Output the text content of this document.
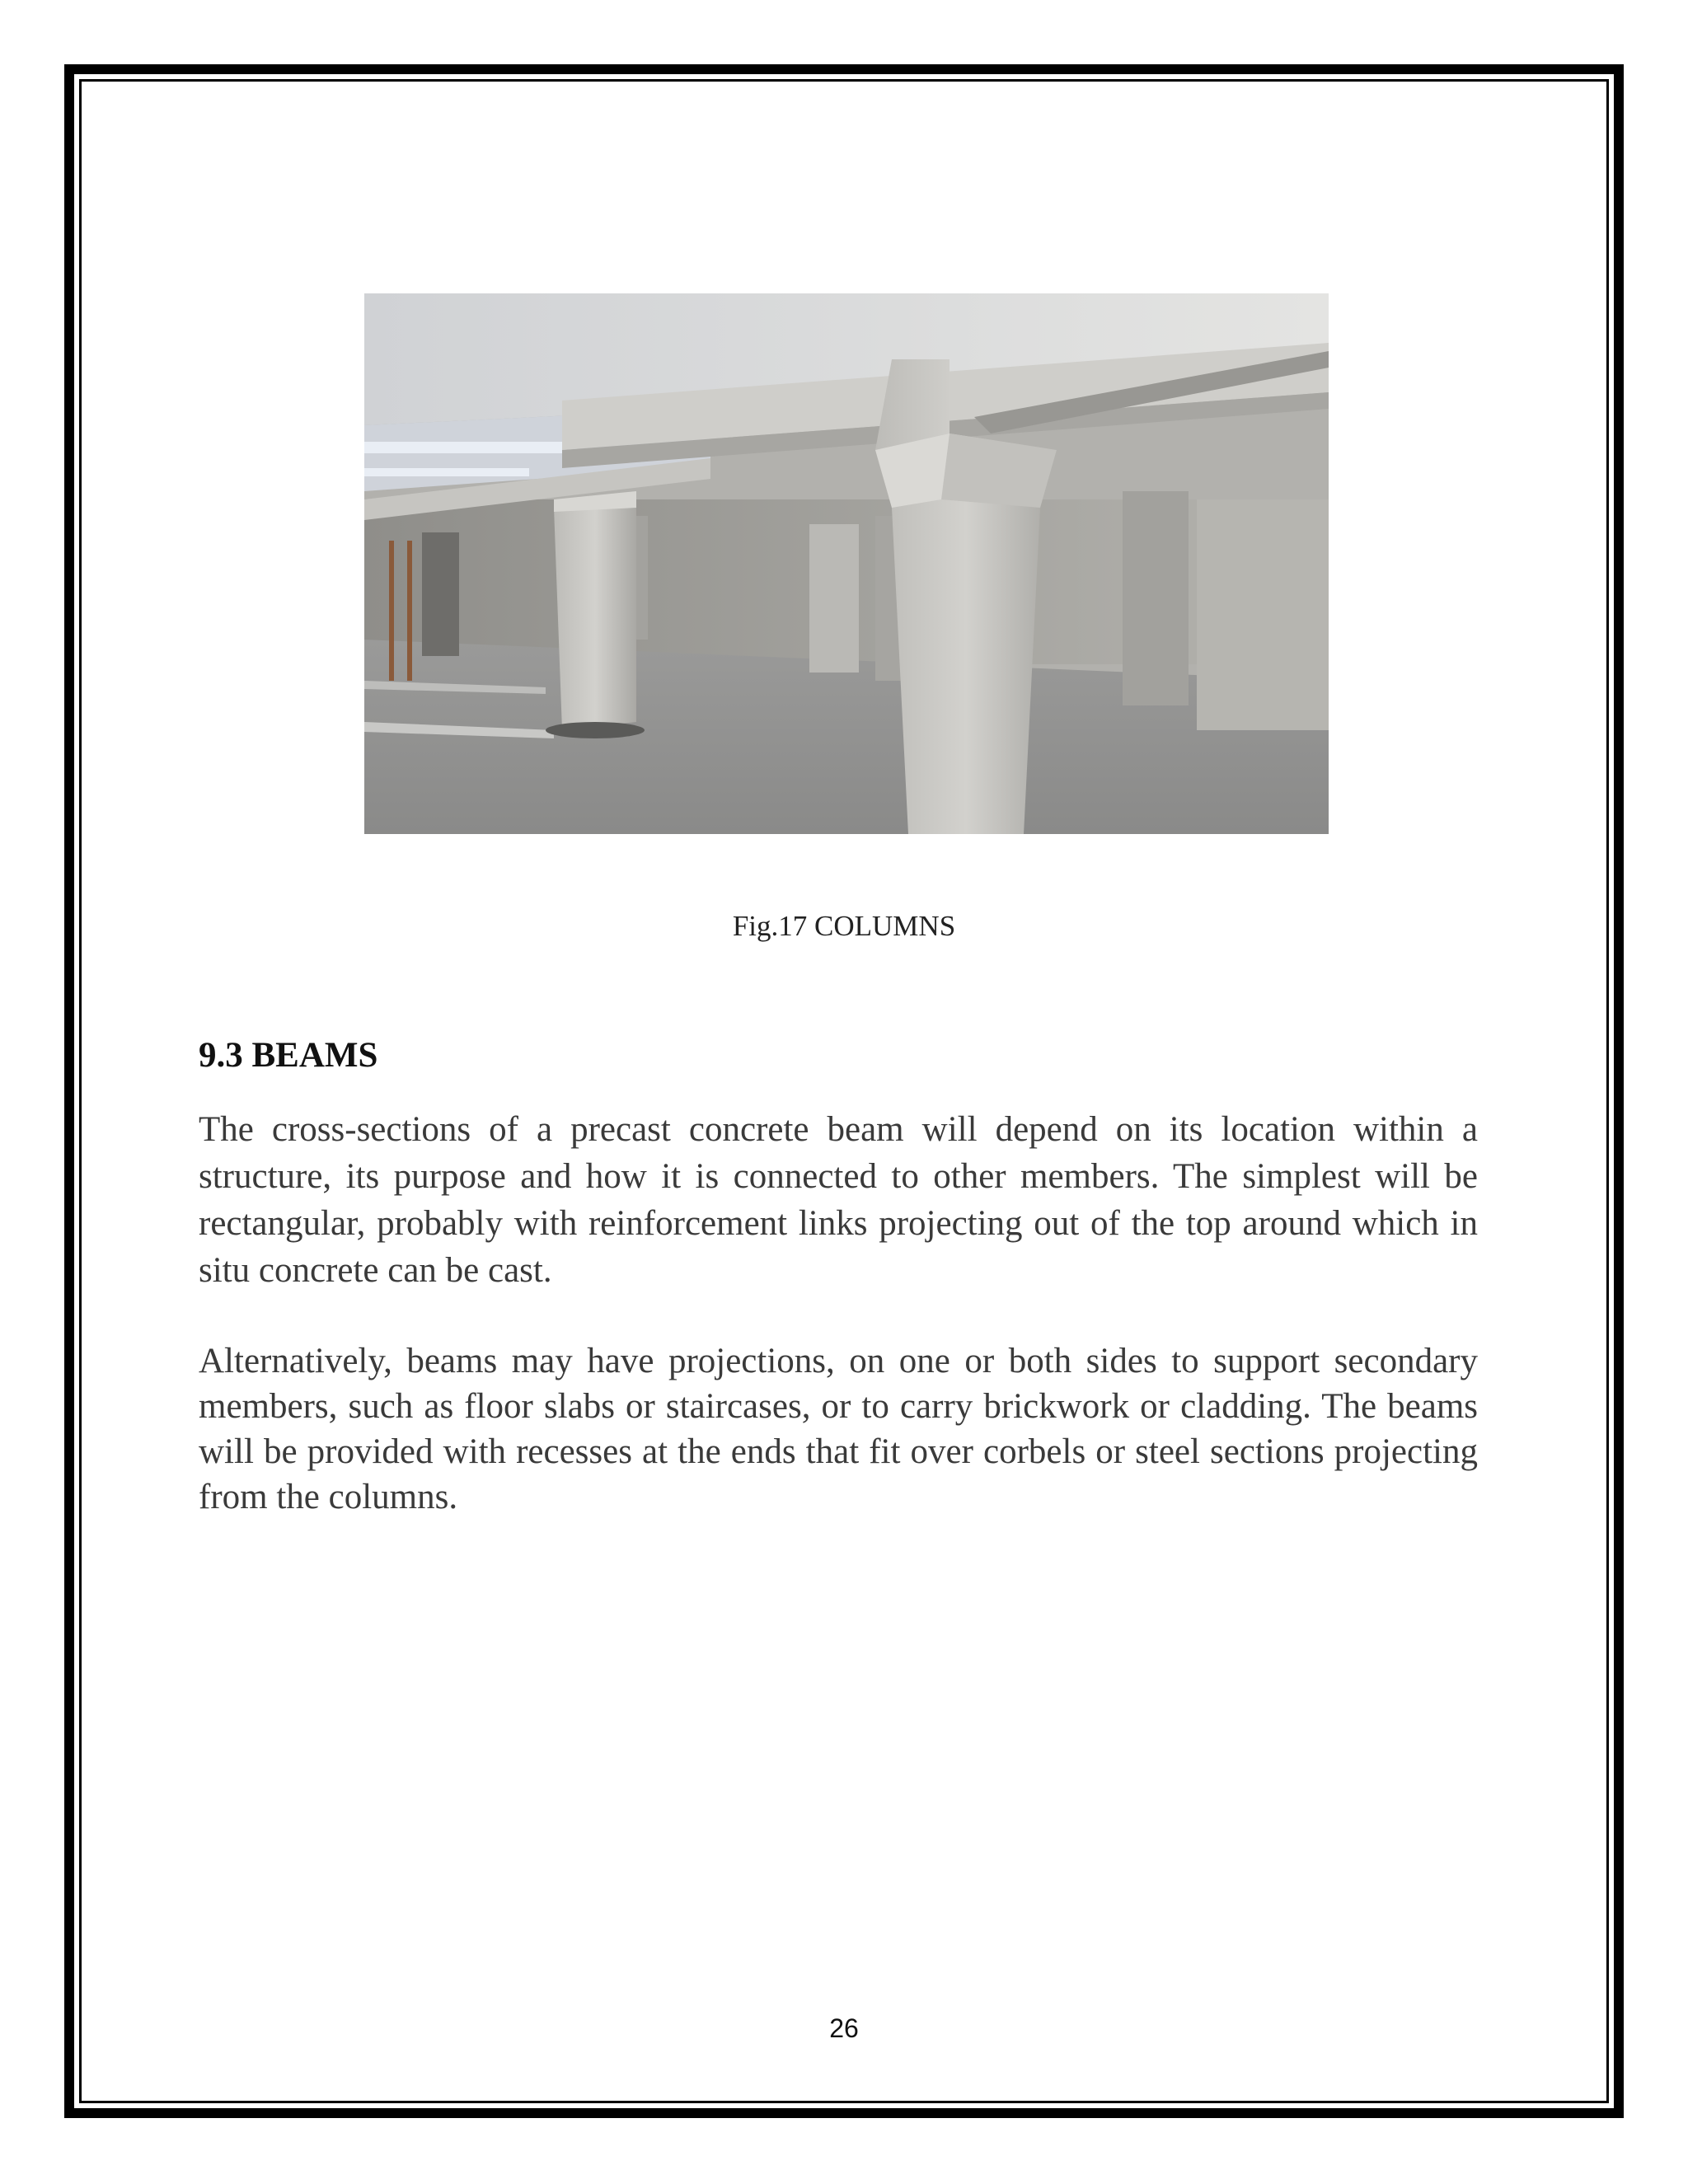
Fig.17 COLUMNS
9.3 BEAMS

The cross-sections of a precast concrete beam will depend on its location within a structure, its purpose and how it is connected to other members. The simplest will be rectangular, probably with reinforcement links projecting out of the top around which in situ concrete can be cast.

Alternatively, beams may have projections, on one or both sides to support secondary members, such as floor slabs or staircases, or to carry brickwork or cladding. The beams will be provided with recesses at the ends that fit over corbels or steel sections projecting from the columns.

26
